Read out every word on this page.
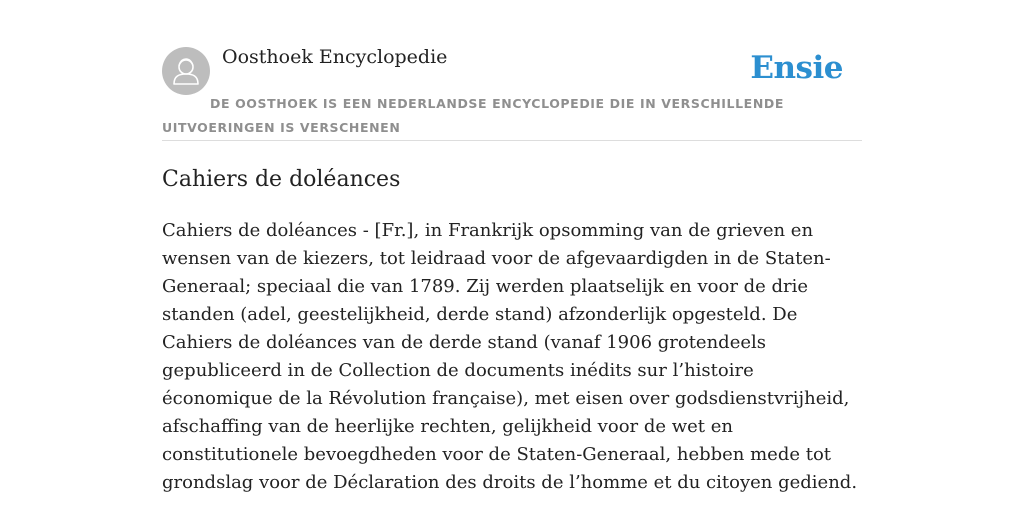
Oosthoek Encyclopedie	Ensie
DE OOSTHOEK IS EEN NEDERLANDSE ENCYCLOPEDIE DIE IN VERSCHILLENDE UITVOERINGEN IS VERSCHENEN
Cahiers de doléances

Cahiers de doléances - [Fr.], in Frankrijk opsomming van de grieven en wensen van de kiezers, tot leidraad voor de afgevaardigden in de Staten-Generaal; speciaal die van 1789. Zij werden plaatselijk en voor de drie standen (adel, geestelijkheid, derde stand) afzonderlijk opgesteld. De Cahiers de doléances van de derde stand (vanaf 1906 grotendeels gepubliceerd in de Collection de documents inédits sur l’histoire économique de la Révolution française), met eisen over godsdienstvrijheid, afschaffing van de heerlijke rechten, gelijkheid voor de wet en constitutionele bevoegdheden voor de Staten-Generaal, hebben mede tot grondslag voor de Déclaration des droits de l’homme et du citoyen gediend.
